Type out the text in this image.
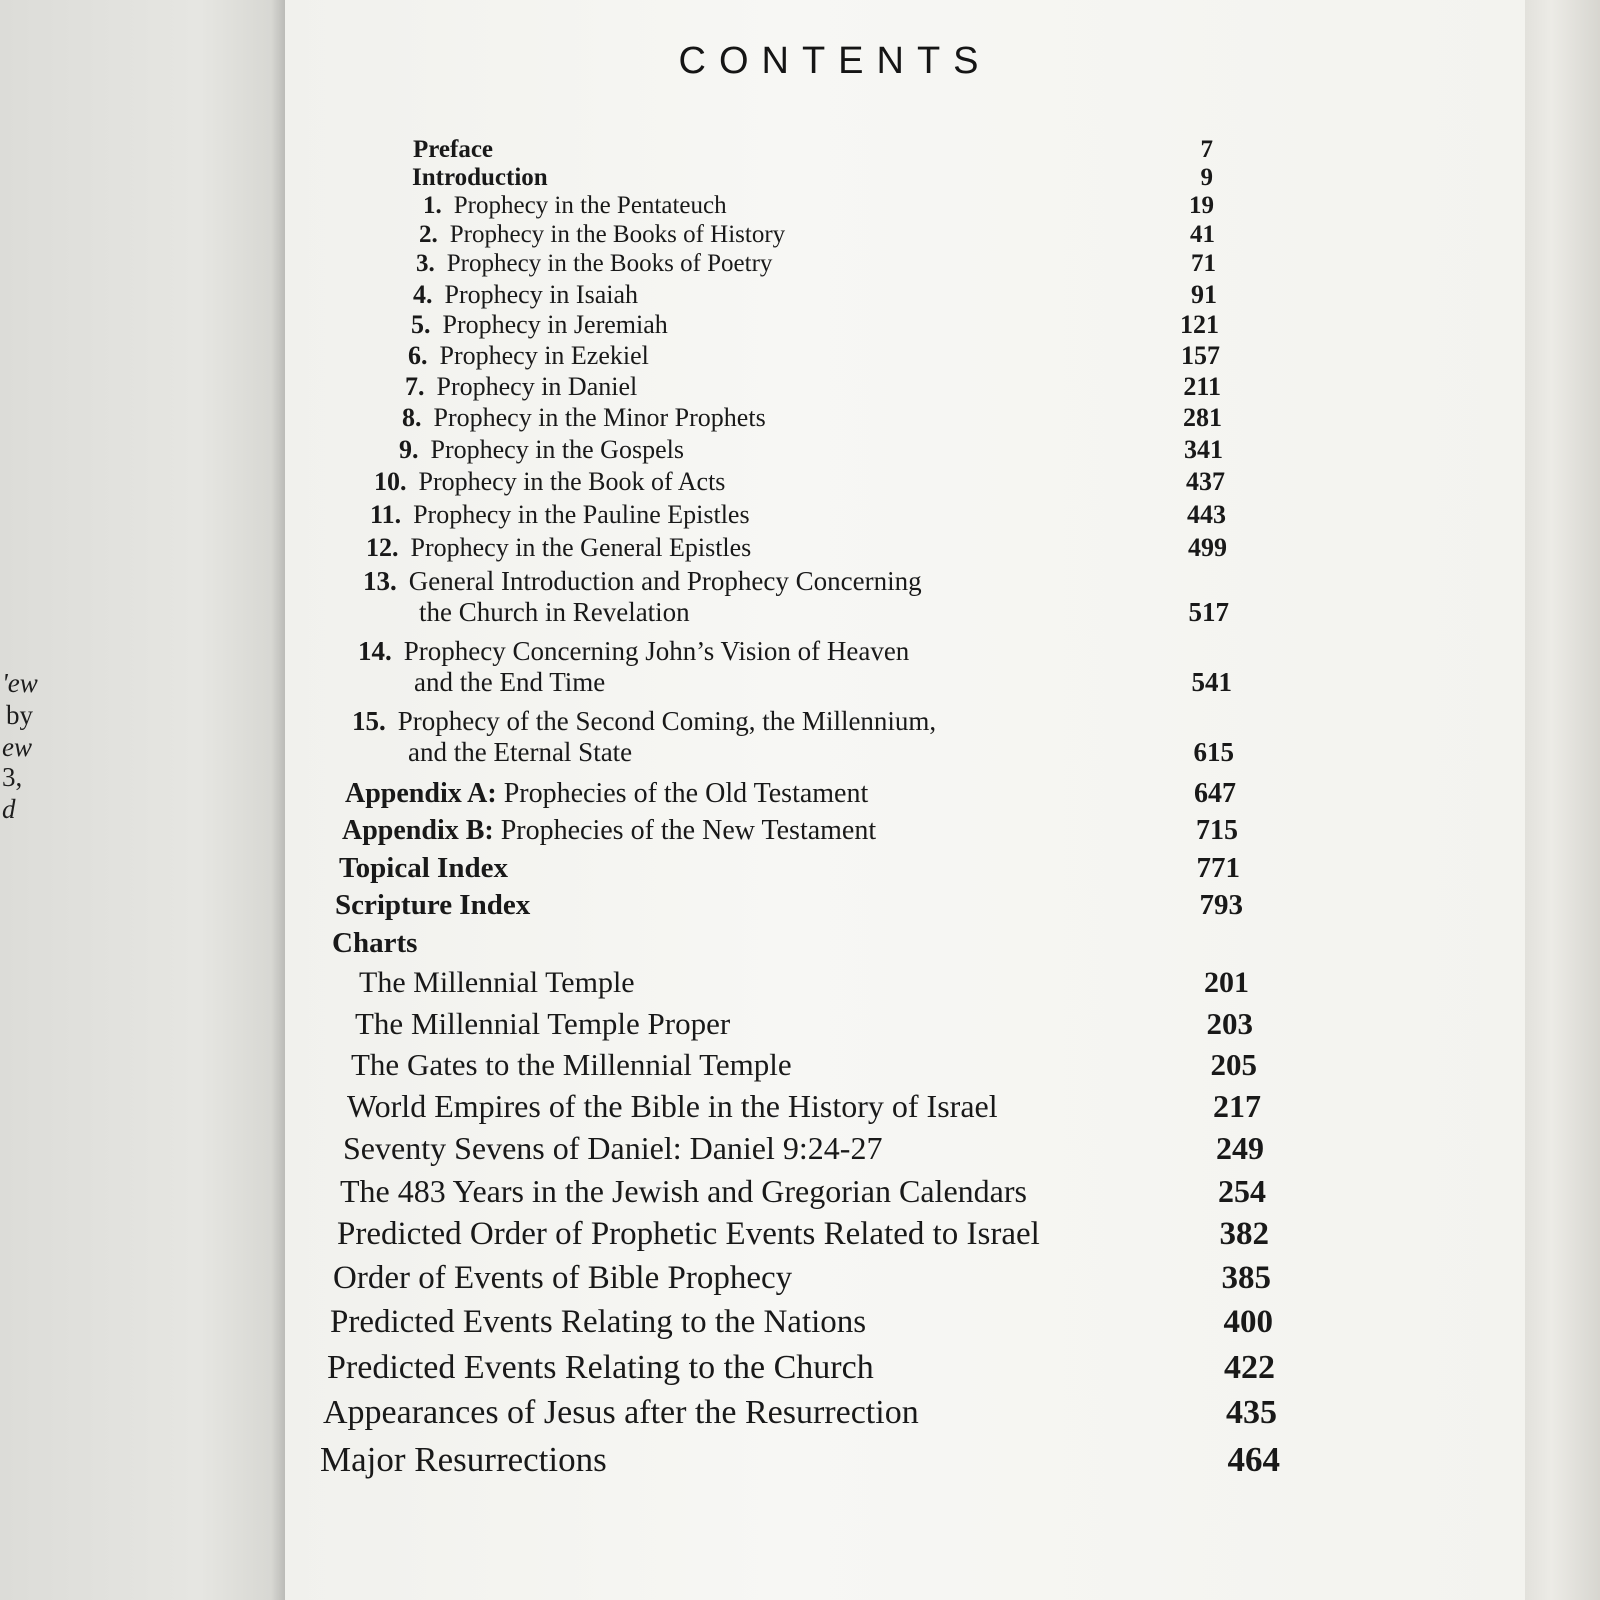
'ew

by

ew

3,

d

CONTENTS
Preface	7
Introduction	9
1. Prophecy in the Pentateuch	19
2. Prophecy in the Books of History	41
3. Prophecy in the Books of Poetry	71
4. Prophecy in Isaiah	91
5. Prophecy in Jeremiah	121
6. Prophecy in Ezekiel	157
7. Prophecy in Daniel	211
8. Prophecy in the Minor Prophets	281
9. Prophecy in the Gospels	341
10. Prophecy in the Book of Acts	437
11. Prophecy in the Pauline Epistles	443
12. Prophecy in the General Epistles	499
13. General Introduction and Prophecy Concerning
the Church in Revelation	517
14. Prophecy Concerning John’s Vision of Heaven
and the End Time	541
15. Prophecy of the Second Coming, the Millennium,
and the Eternal State	615
Appendix A: Prophecies of the Old Testament	647
Appendix B: Prophecies of the New Testament	715
Topical Index	771
Scripture Index	793
Charts
The Millennial Temple	201
The Millennial Temple Proper	203
The Gates to the Millennial Temple	205
World Empires of the Bible in the History of Israel	217
Seventy Sevens of Daniel: Daniel 9:24-27	249
The 483 Years in the Jewish and Gregorian Calendars	254
Predicted Order of Prophetic Events Related to Israel	382
Order of Events of Bible Prophecy	385
Predicted Events Relating to the Nations	400
Predicted Events Relating to the Church	422
Appearances of Jesus after the Resurrection	435
Major Resurrections	464
